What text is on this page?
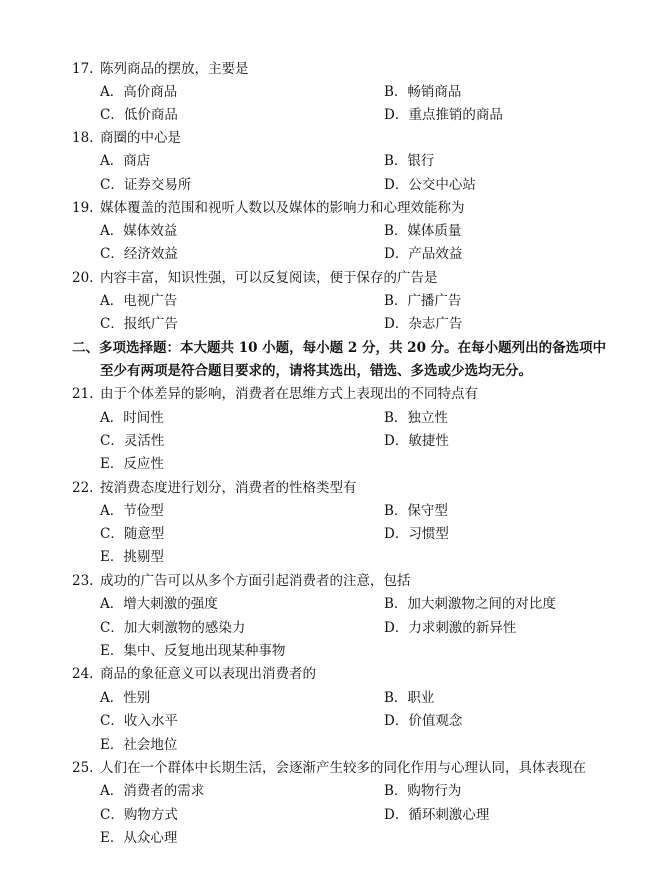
17. 陈列商品的摆放，主要是
A．高价商品	B．畅销商品
C．低价商品	D．重点推销的商品
18. 商圈的中心是
A．商店	B．银行
C．证券交易所	D．公交中心站
19. 媒体覆盖的范围和视听人数以及媒体的影响力和心理效能称为
A．媒体效益	B．媒体质量
C．经济效益	D．产品效益
20. 内容丰富，知识性强，可以反复阅读，便于保存的广告是
A．电视广告	B．广播广告
C．报纸广告	D．杂志广告
二、多项选择题：本大题共 10 小题，每小题 2 分，共 20 分。在每小题列出的备选项中
至少有两项是符合题目要求的，请将其选出，错选、多选或少选均无分。
21. 由于个体差异的影响，消费者在思维方式上表现出的不同特点有
A．时间性	B．独立性
C．灵活性	D．敏捷性
E．反应性
22. 按消费态度进行划分，消费者的性格类型有
A．节俭型	B．保守型
C．随意型	D．习惯型
E．挑剔型
23. 成功的广告可以从多个方面引起消费者的注意，包括
A．增大刺激的强度	B．加大刺激物之间的对比度
C．加大刺激物的感染力	D．力求刺激的新异性
E．集中、反复地出现某种事物
24. 商品的象征意义可以表现出消费者的
A．性别	B．职业
C．收入水平	D．价值观念
E．社会地位
25. 人们在一个群体中长期生活，会逐渐产生较多的同化作用与心理认同，具体表现在
A．消费者的需求	B．购物行为
C．购物方式	D．循环刺激心理
E．从众心理
